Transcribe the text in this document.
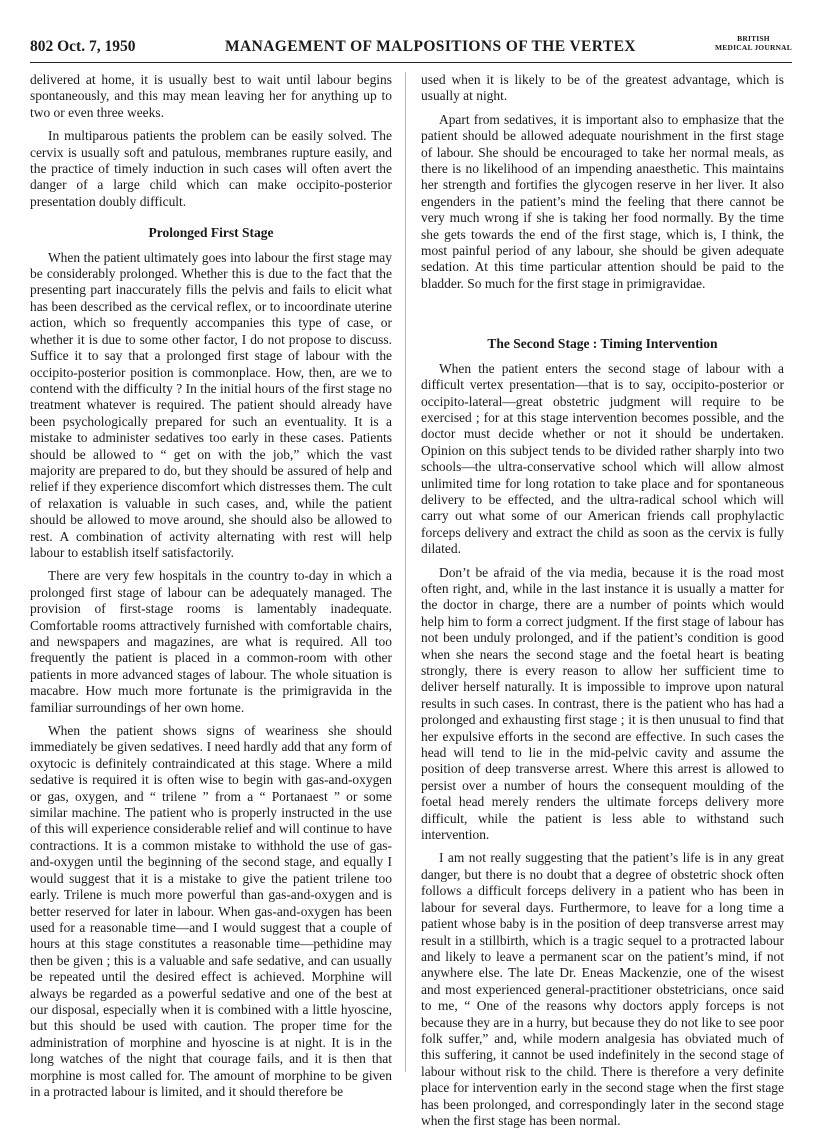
802 Oct. 7, 1950	MANAGEMENT OF MALPOSITIONS OF THE VERTEX	BRITISH
MEDICAL JOURNAL

delivered at home, it is usually best to wait until labour begins spontaneously, and this may mean leaving her for anything up to two or even three weeks.

In multiparous patients the problem can be easily solved. The cervix is usually soft and patulous, membranes rupture easily, and the practice of timely induction in such cases will often avert the danger of a large child which can make occipito-posterior presentation doubly difficult.

Prolonged First Stage

When the patient ultimately goes into labour the first stage may be considerably prolonged. Whether this is due to the fact that the presenting part inaccurately fills the pelvis and fails to elicit what has been described as the cervical reflex, or to incoordinate uterine action, which so frequently accompanies this type of case, or whether it is due to some other factor, I do not propose to discuss. Suffice it to say that a prolonged first stage of labour with the occipito-posterior position is commonplace. How, then, are we to contend with the difficulty ? In the initial hours of the first stage no treatment whatever is required. The patient should already have been psychologically prepared for such an eventuality. It is a mistake to administer sedatives too early in these cases. Patients should be allowed to “ get on with the job,” which the vast majority are prepared to do, but they should be assured of help and relief if they experience discomfort which distresses them. The cult of relaxation is valuable in such cases, and, while the patient should be allowed to move around, she should also be allowed to rest. A combination of activity alternating with rest will help labour to establish itself satisfactorily.

There are very few hospitals in the country to-day in which a prolonged first stage of labour can be adequately managed. The provision of first-stage rooms is lamentably inadequate. Comfortable rooms attractively furnished with comfortable chairs, and newspapers and magazines, are what is required. All too frequently the patient is placed in a common-room with other patients in more advanced stages of labour. The whole situation is macabre. How much more fortunate is the primigravida in the familiar surroundings of her own home.

When the patient shows signs of weariness she should immediately be given sedatives. I need hardly add that any form of oxytocic is definitely contraindicated at this stage. Where a mild sedative is required it is often wise to begin with gas-and-oxygen or gas, oxygen, and “ trilene ” from a “ Portanaest ” or some similar machine. The patient who is properly instructed in the use of this will experience considerable relief and will continue to have contractions. It is a common mistake to withhold the use of gas-and-oxygen until the beginning of the second stage, and equally I would suggest that it is a mistake to give the patient trilene too early. Trilene is much more powerful than gas-and-oxygen and is better reserved for later in labour. When gas-and-oxygen has been used for a reasonable time—and I would suggest that a couple of hours at this stage constitutes a reasonable time—pethidine may then be given ; this is a valuable and safe sedative, and can usually be repeated until the desired effect is achieved. Morphine will always be regarded as a powerful sedative and one of the best at our disposal, especially when it is combined with a little hyoscine, but this should be used with caution. The proper time for the administration of morphine and hyoscine is at night. It is in the long watches of the night that courage fails, and it is then that morphine is most called for. The amount of morphine to be given in a protracted labour is limited, and it should therefore be

used when it is likely to be of the greatest advantage, which is usually at night.

Apart from sedatives, it is important also to emphasize that the patient should be allowed adequate nourishment in the first stage of labour. She should be encouraged to take her normal meals, as there is no likelihood of an impending anaesthetic. This maintains her strength and fortifies the glycogen reserve in her liver. It also engenders in the patient’s mind the feeling that there cannot be very much wrong if she is taking her food normally. By the time she gets towards the end of the first stage, which is, I think, the most painful period of any labour, she should be given adequate sedation. At this time particular attention should be paid to the bladder. So much for the first stage in primigravidae.

The Second Stage : Timing Intervention

When the patient enters the second stage of labour with a difficult vertex presentation—that is to say, occipito-posterior or occipito-lateral—great obstetric judgment will require to be exercised ; for at this stage intervention becomes possible, and the doctor must decide whether or not it should be undertaken. Opinion on this subject tends to be divided rather sharply into two schools—the ultra-conservative school which will allow almost unlimited time for long rotation to take place and for spontaneous delivery to be effected, and the ultra-radical school which will carry out what some of our American friends call prophylactic forceps delivery and extract the child as soon as the cervix is fully dilated.

Don’t be afraid of the via media, because it is the road most often right, and, while in the last instance it is usually a matter for the doctor in charge, there are a number of points which would help him to form a correct judgment. If the first stage of labour has not been unduly prolonged, and if the patient’s condition is good when she nears the second stage and the foetal heart is beating strongly, there is every reason to allow her sufficient time to deliver herself naturally. It is impossible to improve upon natural results in such cases. In contrast, there is the patient who has had a prolonged and exhausting first stage ; it is then unusual to find that her expulsive efforts in the second are effective. In such cases the head will tend to lie in the mid-pelvic cavity and assume the position of deep transverse arrest. Where this arrest is allowed to persist over a number of hours the consequent moulding of the foetal head merely renders the ultimate forceps delivery more difficult, while the patient is less able to withstand such intervention.

I am not really suggesting that the patient’s life is in any great danger, but there is no doubt that a degree of obstetric shock often follows a difficult forceps delivery in a patient who has been in labour for several days. Furthermore, to leave for a long time a patient whose baby is in the position of deep transverse arrest may result in a stillbirth, which is a tragic sequel to a protracted labour and likely to leave a permanent scar on the patient’s mind, if not anywhere else. The late Dr. Eneas Mackenzie, one of the wisest and most experienced general-practitioner obstetricians, once said to me, “ One of the reasons why doctors apply forceps is not because they are in a hurry, but because they do not like to see poor folk suffer,” and, while modern analgesia has obviated much of this suffering, it cannot be used indefinitely in the second stage of labour without risk to the child. There is therefore a very definite place for intervention early in the second stage when the first stage has been prolonged, and correspondingly later in the second stage when the first stage has been normal.
